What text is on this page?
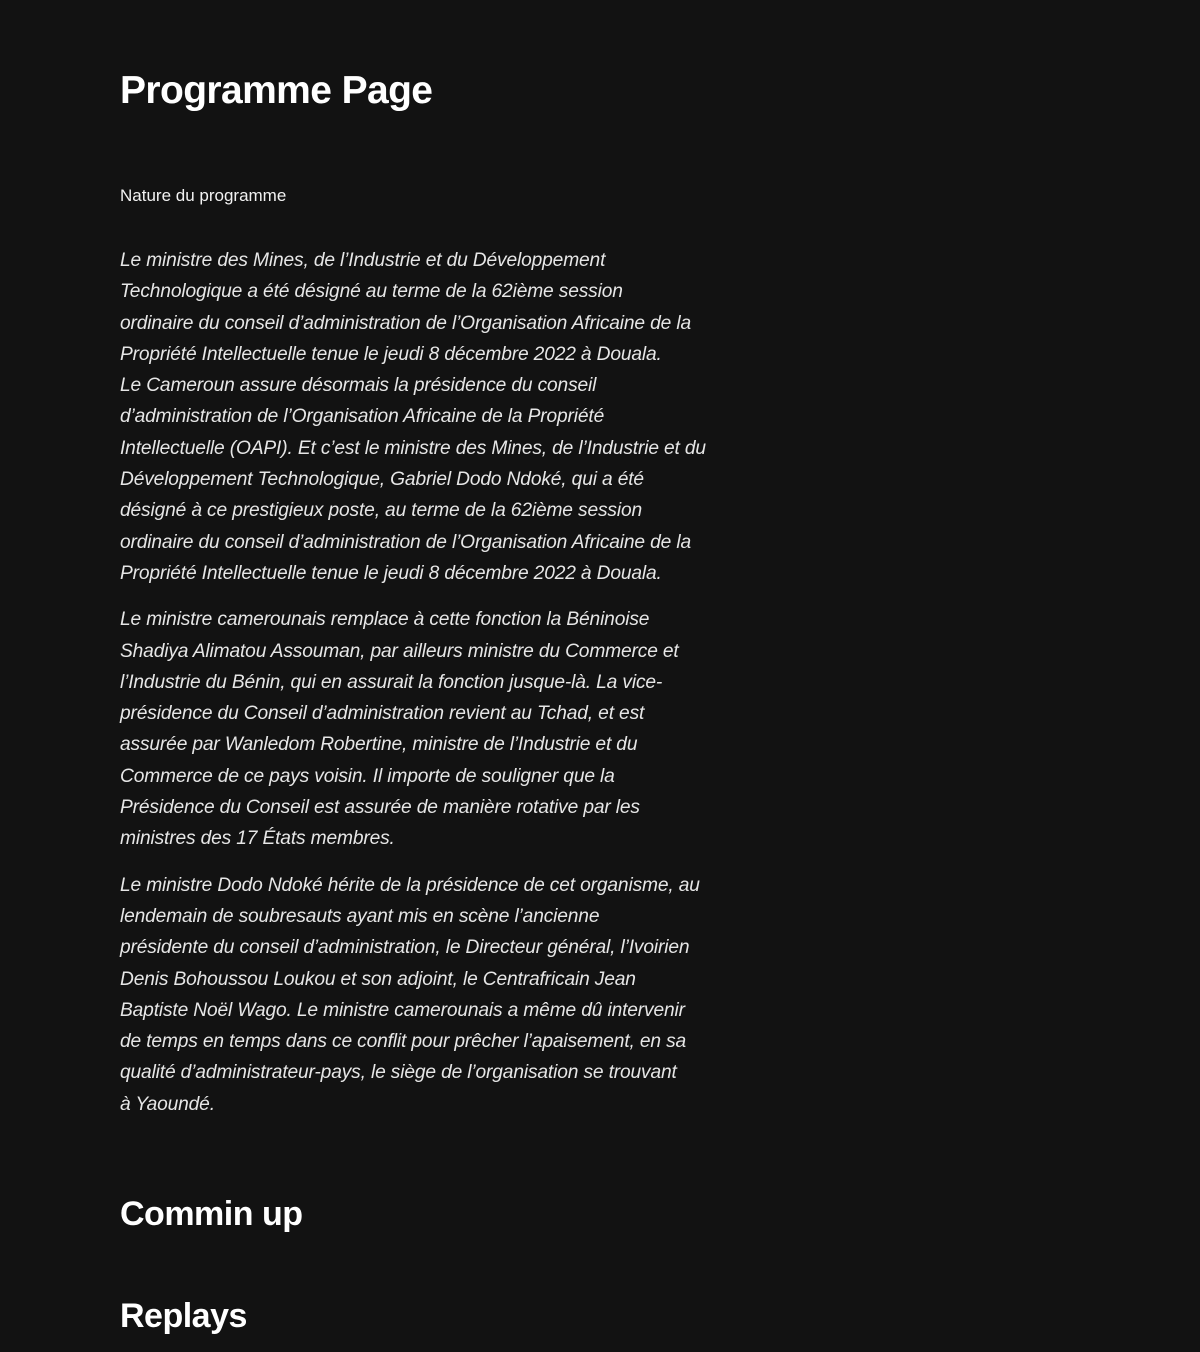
Programme Page
Nature du programme

Le ministre des Mines, de l’Industrie et du Développement
Technologique a été désigné au terme de la 62ième session
ordinaire du conseil d’administration de l’Organisation Africaine de la
Propriété Intellectuelle tenue le jeudi 8 décembre 2022 à Douala.
Le Cameroun assure désormais la présidence du conseil
d’administration de l’Organisation Africaine de la Propriété
Intellectuelle (OAPI). Et c’est le ministre des Mines, de l’Industrie et du
Développement Technologique, Gabriel Dodo Ndoké, qui a été
désigné à ce prestigieux poste, au terme de la 62ième session
ordinaire du conseil d’administration de l’Organisation Africaine de la
Propriété Intellectuelle tenue le jeudi 8 décembre 2022 à Douala.

Le ministre camerounais remplace à cette fonction la Béninoise
Shadiya Alimatou Assouman, par ailleurs ministre du Commerce et
l’Industrie du Bénin, qui en assurait la fonction jusque-là. La vice-
présidence du Conseil d’administration revient au Tchad, et est
assurée par Wanledom Robertine, ministre de l’Industrie et du
Commerce de ce pays voisin. Il importe de souligner que la
Présidence du Conseil est assurée de manière rotative par les
ministres des 17 États membres.

Le ministre Dodo Ndoké hérite de la présidence de cet organisme, au
lendemain de soubresauts ayant mis en scène l’ancienne
présidente du conseil d’administration, le Directeur général, l’Ivoirien
Denis Bohoussou Loukou et son adjoint, le Centrafricain Jean
Baptiste Noël Wago. Le ministre camerounais a même dû intervenir
de temps en temps dans ce conflit pour prêcher l’apaisement, en sa
qualité d’administrateur-pays, le siège de l’organisation se trouvant
à Yaoundé.

Commin up
Replays
